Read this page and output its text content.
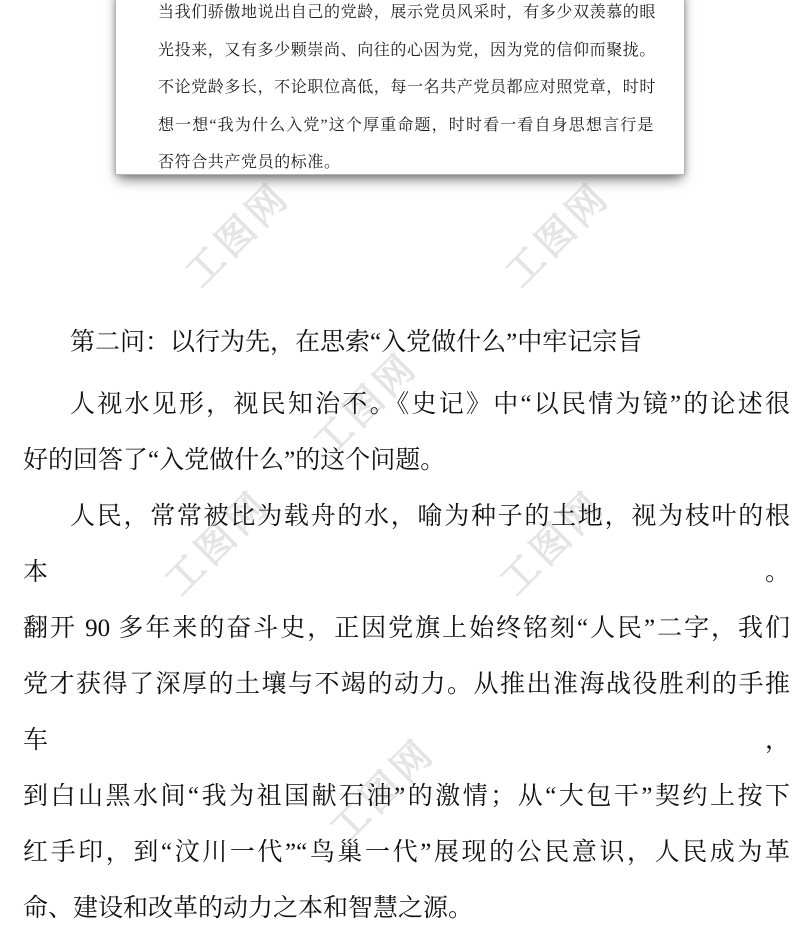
工图网	工图网
工图网
工图网	工图网
工图网
当我们骄傲地说出自己的党龄，展示党员风采时，有多少双羡慕的眼
光投来，又有多少颗崇尚、向往的心因为党，因为党的信仰而聚拢。
不论党龄多长，不论职位高低，每一名共产党员都应对照党章，时时
想一想“我为什么入党”这个厚重命题，时时看一看自身思想言行是
否符合共产党员的标准。
第二问：以行为先，在思索“入党做什么”中牢记宗旨
人视水见形，视民知治不。《史记》中“以民情为镜”的论述很
好的回答了“入党做什么”的这个问题。
人民，常常被比为载舟的水，喻为种子的土地，视为枝叶的根本。
翻开 90 多年来的奋斗史，正因党旗上始终铭刻“人民”二字，我们
党才获得了深厚的土壤与不竭的动力。从推出淮海战役胜利的手推车，
到白山黑水间“我为祖国献石油”的激情；从“大包干”契约上按下
红手印，到“汶川一代”“鸟巢一代”展现的公民意识，人民成为革
命、建设和改革的动力之本和智慧之源。
